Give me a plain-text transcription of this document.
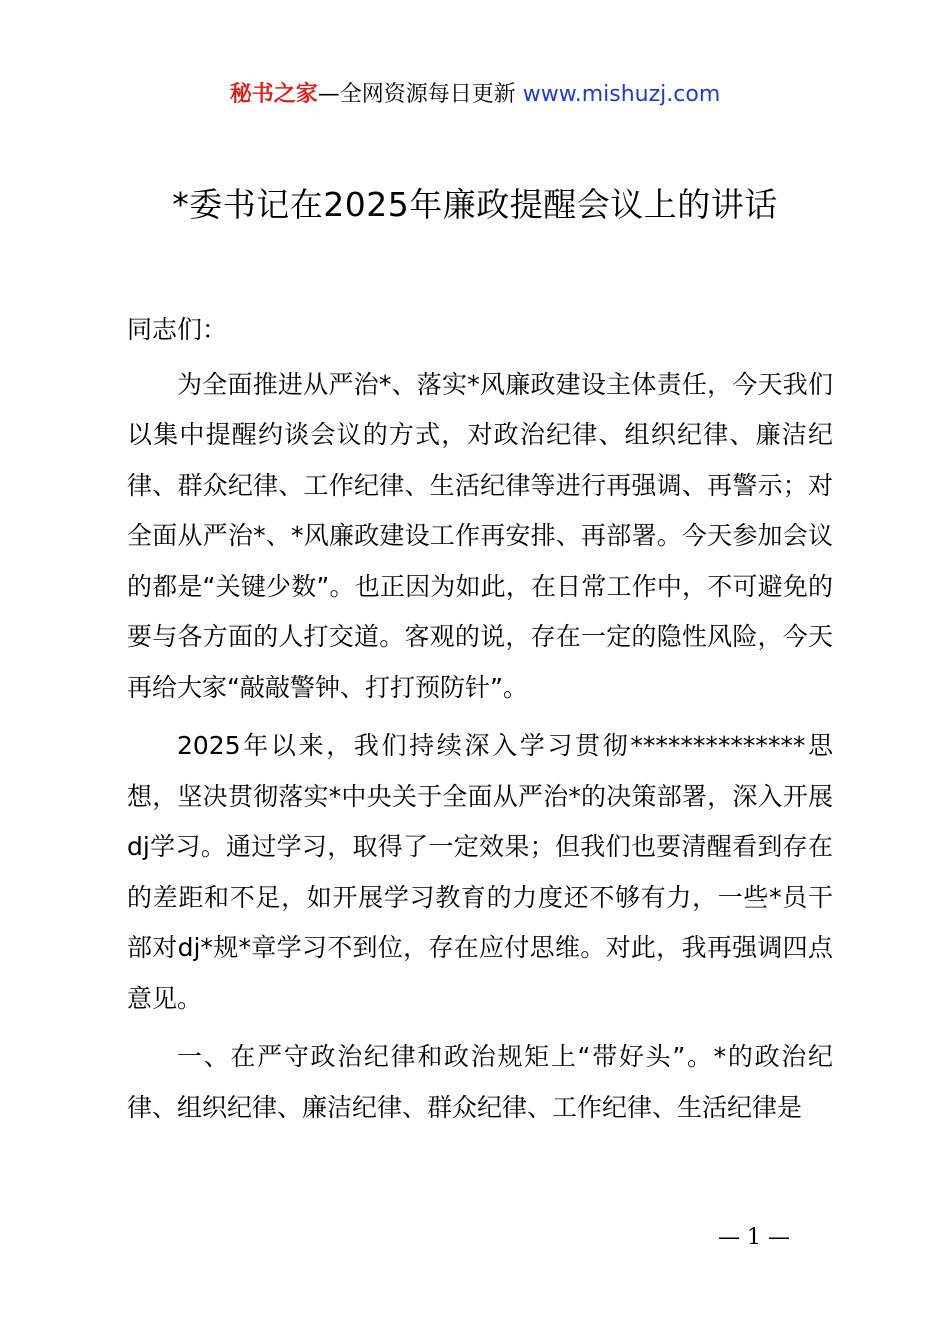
秘书之家—全网资源每日更新 www.mishuzj.com
*委书记在2025年廉政提醒会议上的讲话

同志们：

为全面推进从严治*、落实*风廉政建设主体责任，今天我们以集中提醒约谈会议的方式，对政治纪律、组织纪律、廉洁纪律、群众纪律、工作纪律、生活纪律等进行再强调、再警示；对全面从严治*、*风廉政建设工作再安排、再部署。今天参加会议的都是“关键少数”。也正因为如此，在日常工作中，不可避免的要与各方面的人打交道。客观的说，存在一定的隐性风险，今天再给大家“敲敲警钟、打打预防针”。

2025年以来，我们持续深入学习贯彻**************思想，坚决贯彻落实*中央关于全面从严治*的决策部署，深入开展dj学习。通过学习，取得了一定效果；但我们也要清醒看到存在的差距和不足，如开展学习教育的力度还不够有力，一些*员干部对dj*规*章学习不到位，存在应付思维。对此，我再强调四点意见。

一、在严守政治纪律和政治规矩上“带好头”。*的政治纪律、组织纪律、廉洁纪律、群众纪律、工作纪律、生活纪律是

— 1 —
